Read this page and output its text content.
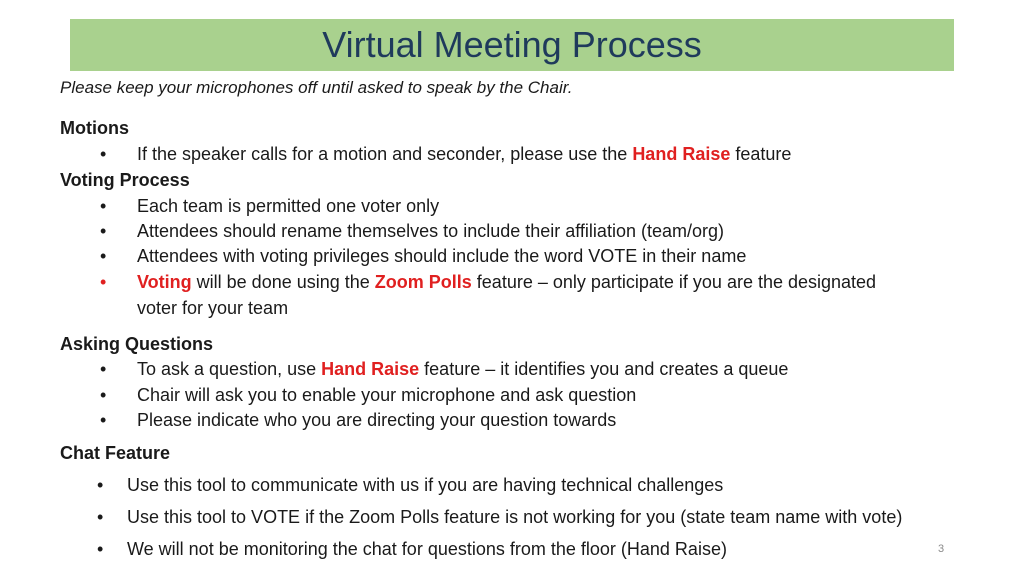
Virtual Meeting Process
Please keep your microphones off until asked to speak by the Chair.
Motions
• If the speaker calls for a motion and seconder, please use the Hand Raise feature
Voting Process
• Each team is permitted one voter only
• Attendees should rename themselves to include their affiliation (team/org)
• Attendees with voting privileges should include the word VOTE in their name
• Voting will be done using the Zoom Polls feature – only participate if you are the designated
voter for your team
Asking Questions
• To ask a question, use Hand Raise feature – it identifies you and creates a queue
• Chair will ask you to enable your microphone and ask question
• Please indicate who you are directing your question towards
Chat Feature
• Use this tool to communicate with us if you are having technical challenges
• Use this tool to VOTE if the Zoom Polls feature is not working for you (state team name with vote)
• We will not be monitoring the chat for questions from the floor (Hand Raise)	3
